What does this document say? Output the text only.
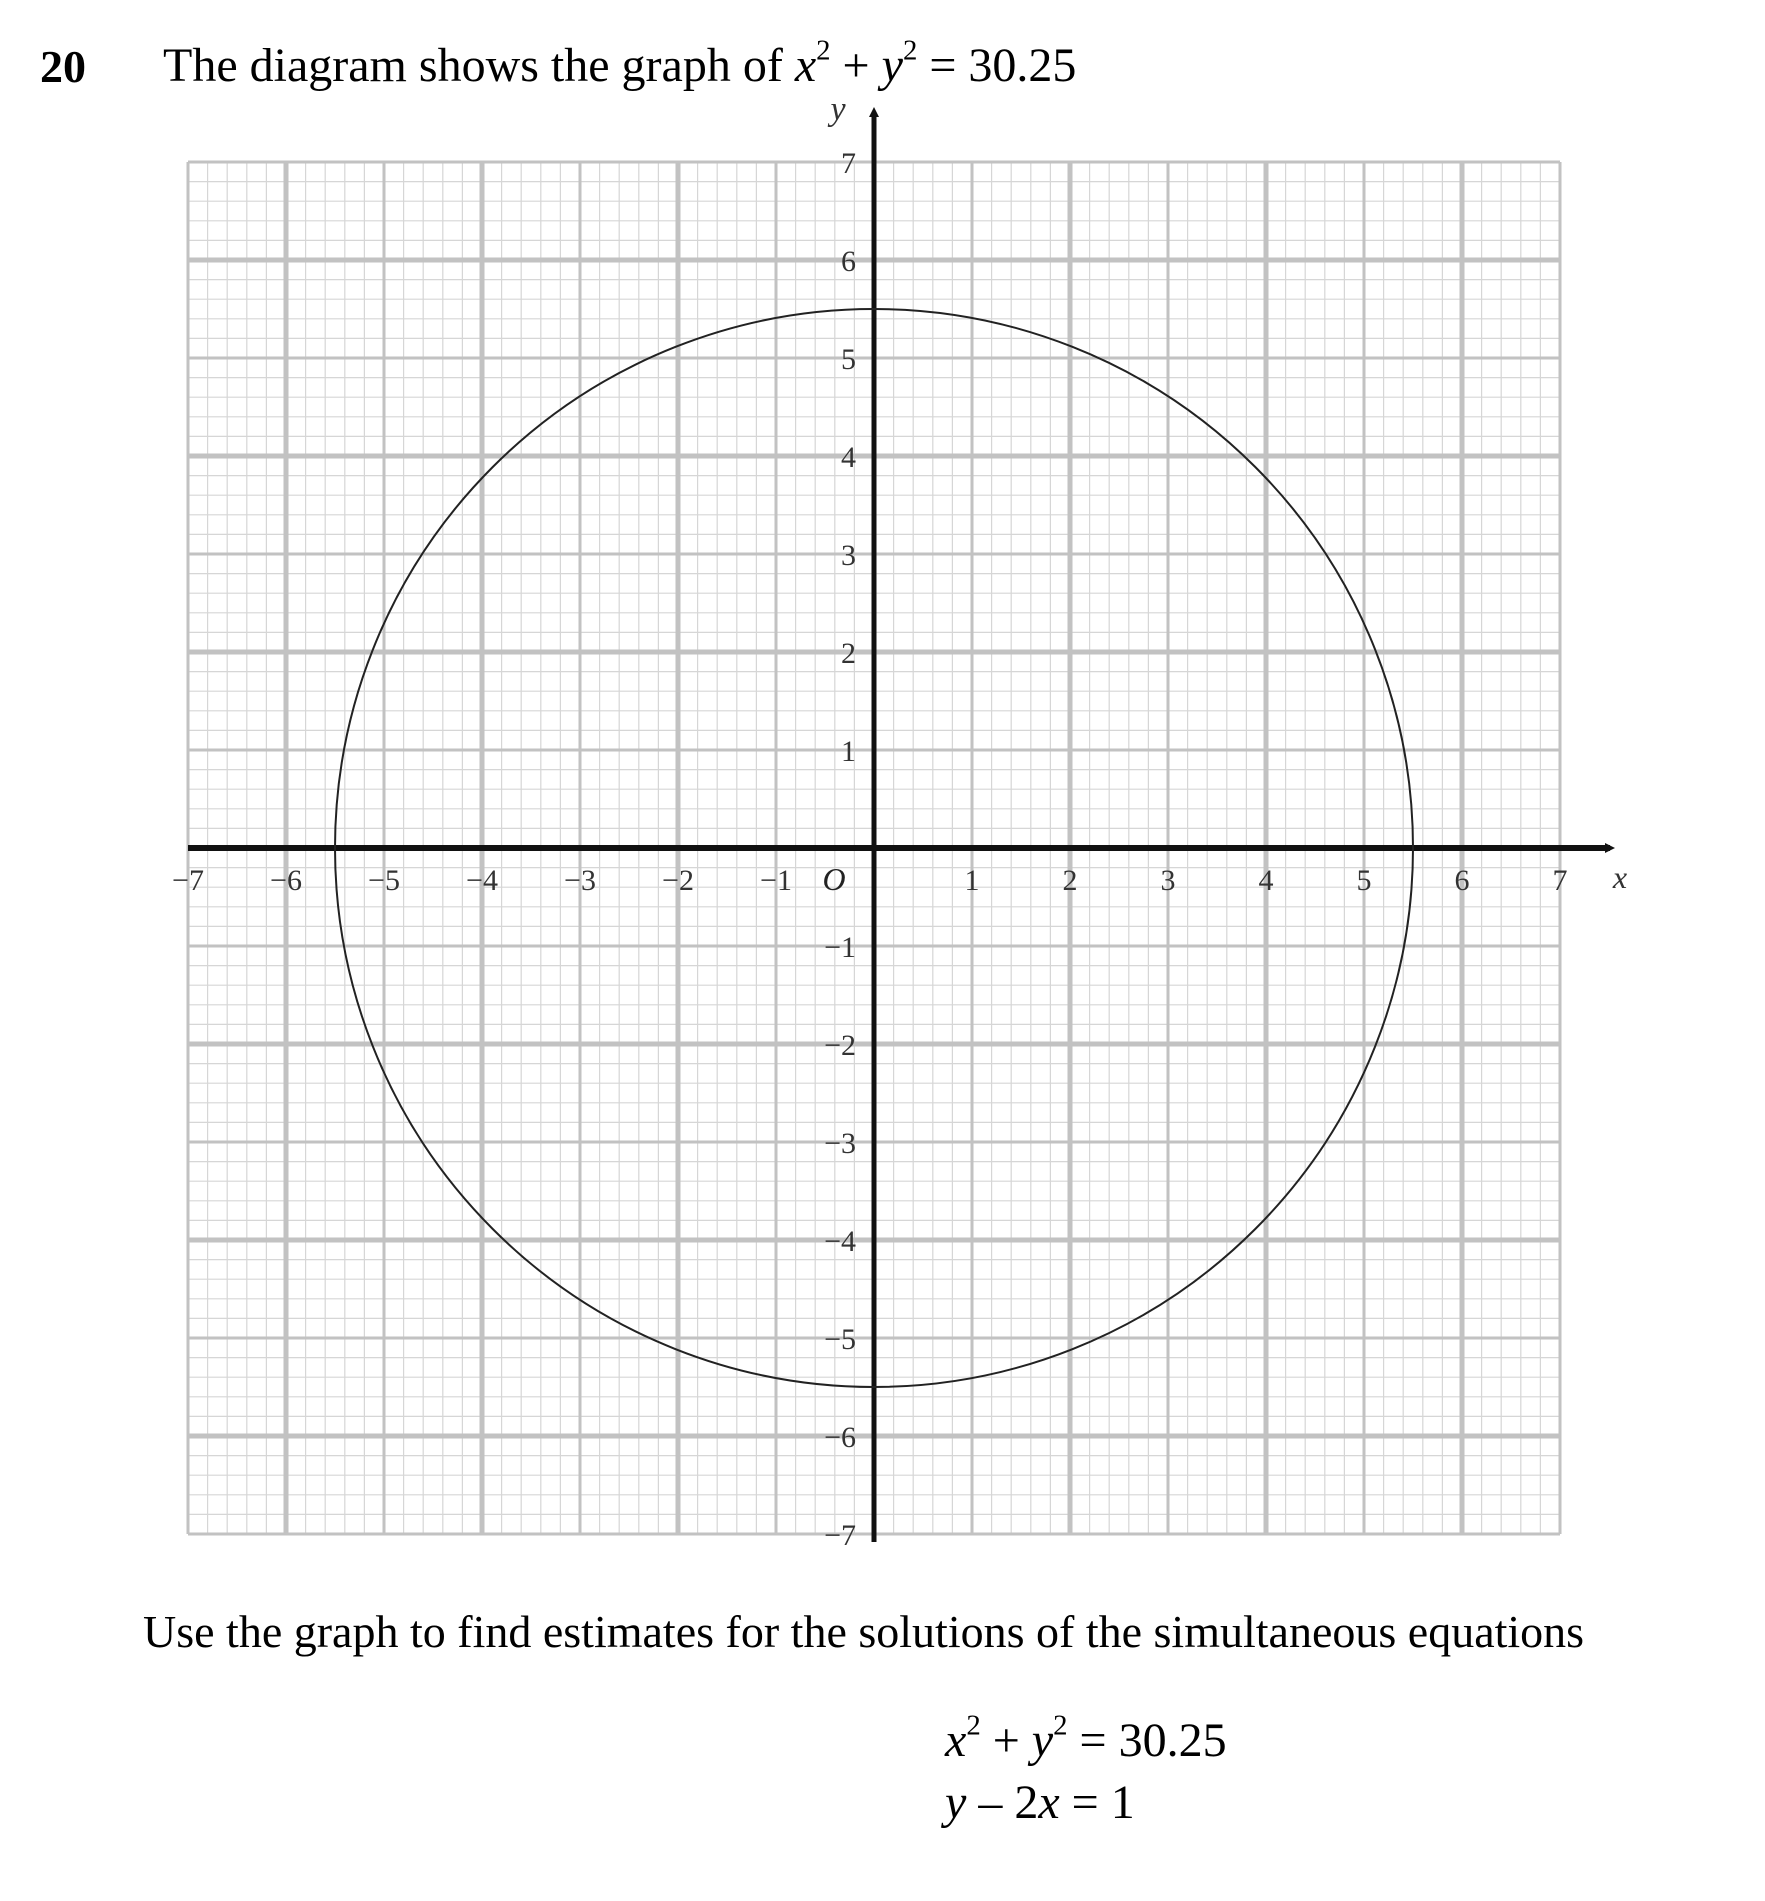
20 The diagram shows the graph of $x^2 + y^2 = 30.25$
−7 −6 −5 −4 −3 −2 −1	1	2	3	4	5	6	7
7
6
5
4
3
2
1
−1
−2
−3
−4
−5
−6
−7
O	x
y
Use the graph to find estimates for the solutions of the simultaneous equations
$x^2 + y^2 = 30.25$
y – 2x = 1
